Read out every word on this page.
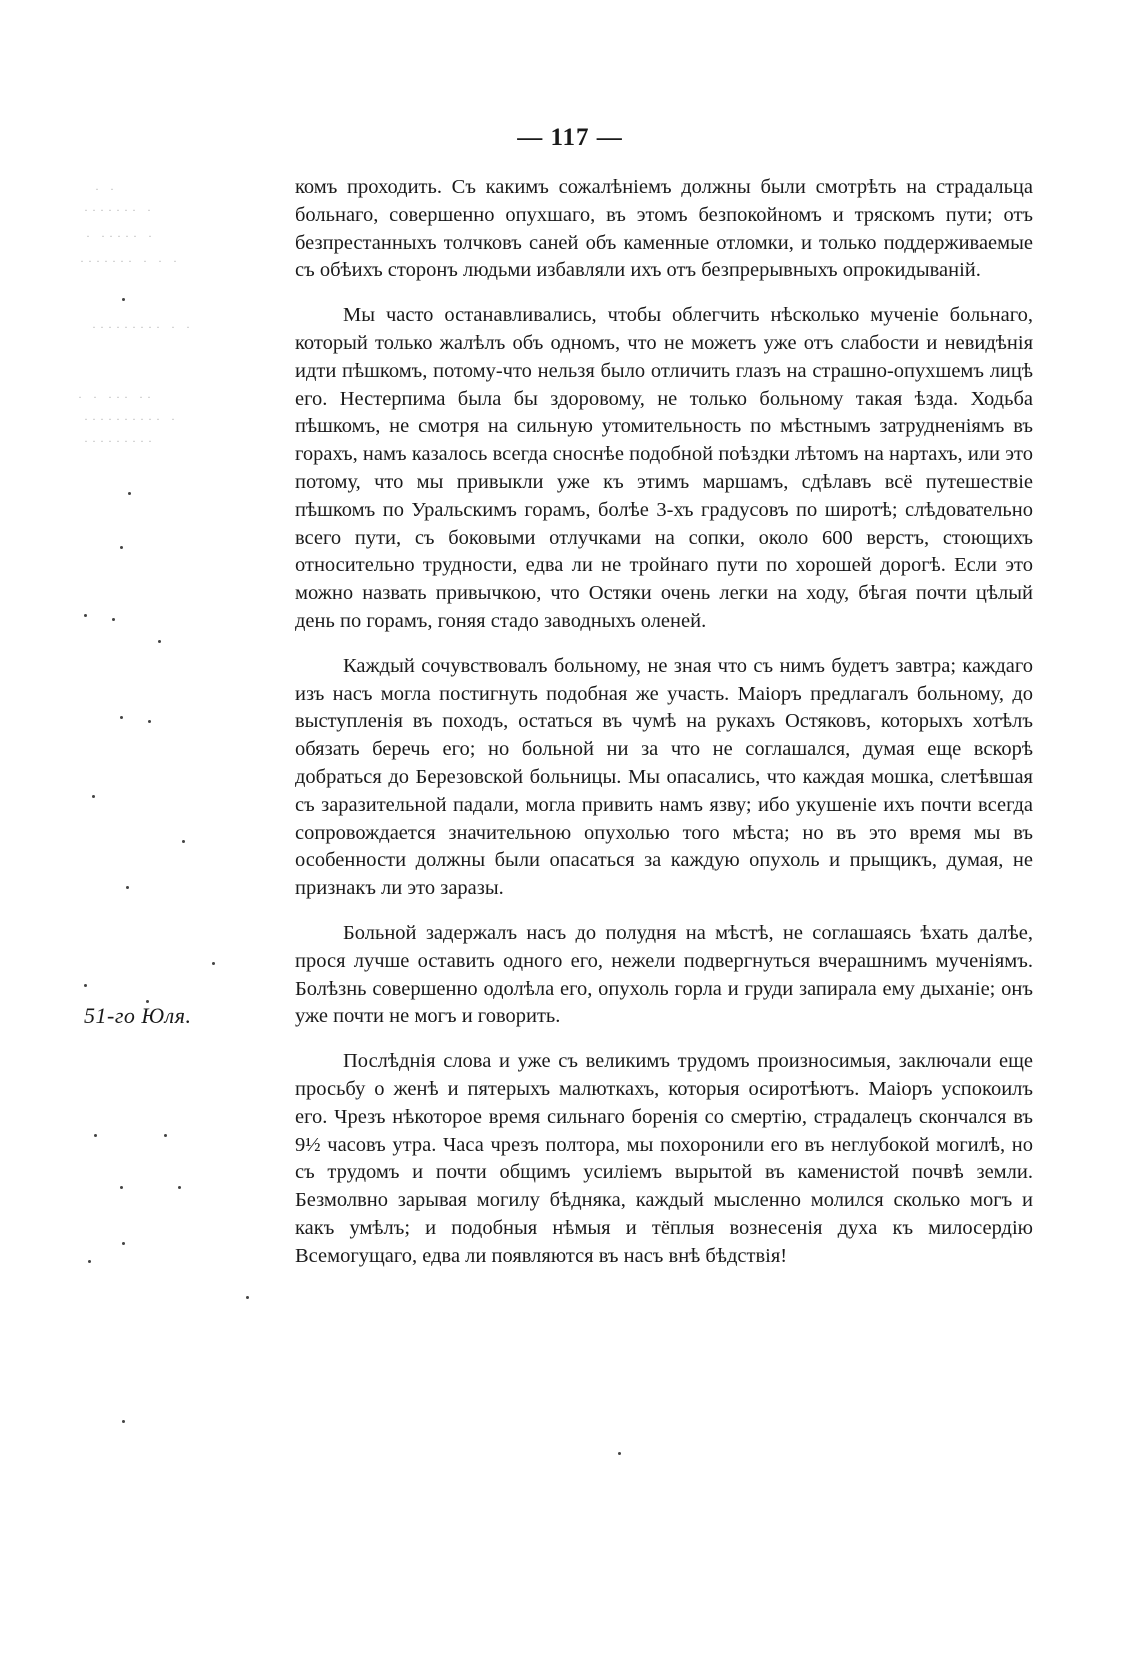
— 117 —
51-го Юля.
· ·
······· ·
· ····· ·
······· · · ·
········· · ·
· · ··· ··
·········· ·
·········

комъ проходить. Съ какимъ сожалѣніемъ должны были смотрѣть на страдальца больнаго, совершенно опухшаго, въ этомъ безпокойномъ и тряскомъ пути; отъ безпрестанныхъ толчковъ саней объ каменные отломки, и только поддерживаемые съ обѣихъ сторонъ людьми избавляли ихъ отъ безпрерывныхъ опрокидываній.

Мы часто останавливались, чтобы облегчить нѣсколько мученіе больнаго, который только жалѣлъ объ одномъ, что не можетъ уже отъ слабости и невидѣнія идти пѣшкомъ, потому-что нельзя было отличить глазъ на страшно-опухшемъ лицѣ его. Нестерпима была бы здоровому, не только больному такая ѣзда. Ходьба пѣшкомъ, не смотря на сильную утомительность по мѣстнымъ затрудненіямъ въ горахъ, намъ казалось всегда сноснѣе подобной поѣздки лѣтомъ на нартахъ, или это потому, что мы привыкли уже къ этимъ маршамъ, сдѣлавъ всё путешествіе пѣшкомъ по Уральскимъ горамъ, болѣе 3-хъ градусовъ по широтѣ; слѣдовательно всего пути, съ боковыми отлучками на сопки, около 600 верстъ, стоющихъ относительно трудности, едва ли не тройнаго пути по хорошей дорогѣ. Если это можно назвать привычкою, что Остяки очень легки на ходу, бѣгая почти цѣлый день по горамъ, гоняя стадо заводныхъ оленей.

Каждый сочувствовалъ больному, не зная что съ нимъ будетъ завтра; каждаго изъ насъ могла постигнуть подобная же участь. Маіоръ предлагалъ больному, до выступленія въ походъ, остаться въ чумѣ на рукахъ Остяковъ, которыхъ хотѣлъ обязать беречь его; но больной ни за что не соглашался, думая еще вскорѣ добраться до Березовской больницы. Мы опасались, что каждая мошка, слетѣвшая съ заразительной падали, могла привить намъ язву; ибо укушеніе ихъ почти всегда сопровождается значительною опухолью того мѣста; но въ это время мы въ особенности должны были опасаться за каждую опухоль и прыщикъ, думая, не признакъ ли это заразы.

Больной задержалъ насъ до полудня на мѣстѣ, не соглашаясь ѣхать далѣе, прося лучше оставить одного его, нежели подвергнуться вчерашнимъ мученіямъ. Болѣзнь совершенно одолѣла его, опухоль горла и груди запирала ему дыханіе; онъ уже почти не могъ и говорить.

Послѣднія слова и уже съ великимъ трудомъ произносимыя, заключали еще просьбу о женѣ и пятерыхъ малюткахъ, которыя осиротѣютъ. Маіоръ успокоилъ его. Чрезъ нѣкоторое время сильнаго боренія со смертію, страдалецъ скончался въ 9½ часовъ утра. Часа чрезъ полтора, мы похоронили его въ неглубокой могилѣ, но съ трудомъ и почти общимъ усиліемъ вырытой въ каменистой почвѣ земли. Безмолвно зарывая могилу бѣдняка, каждый мысленно молился сколько могъ и какъ умѣлъ; и подобныя нѣмыя и тёплыя вознесенія духа къ милосердію Всемогущаго, едва ли появляются въ насъ внѣ бѣдствія!
